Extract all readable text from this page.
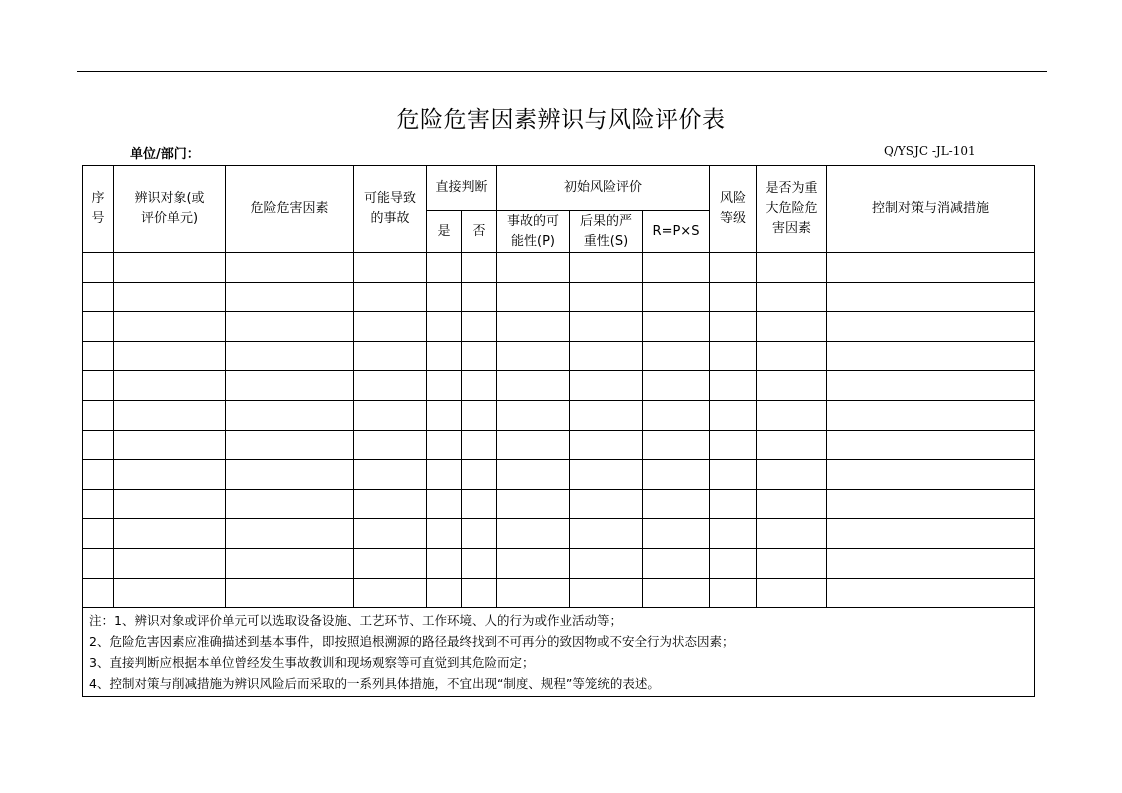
危险危害因素辨识与风险评价表
单位/部门：	Q/YSJC -JL-101
序号	辨识对象(或评价单元)	危险危害因素	可能导致的事故	直接判断		初始风险评价			风险等级	是否为重大危险危害因素	控制对策与消减措施

				是	否	事故的可能性(P)	后果的严重性(S)	R=P×S			

注：1、辨识对象或评价单元可以选取设备设施、工艺环节、工作环境、人的行为或作业活动等；
2、危险危害因素应准确描述到基本事件，即按照追根溯源的路径最终找到不可再分的致因物或不安全行为状态因素；
3、直接判断应根据本单位曾经发生事故教训和现场观察等可直觉到其危险而定；
4、控制对策与削减措施为辨识风险后而采取的一系列具体措施，不宜出现“制度、规程”等笼统的表述。											
